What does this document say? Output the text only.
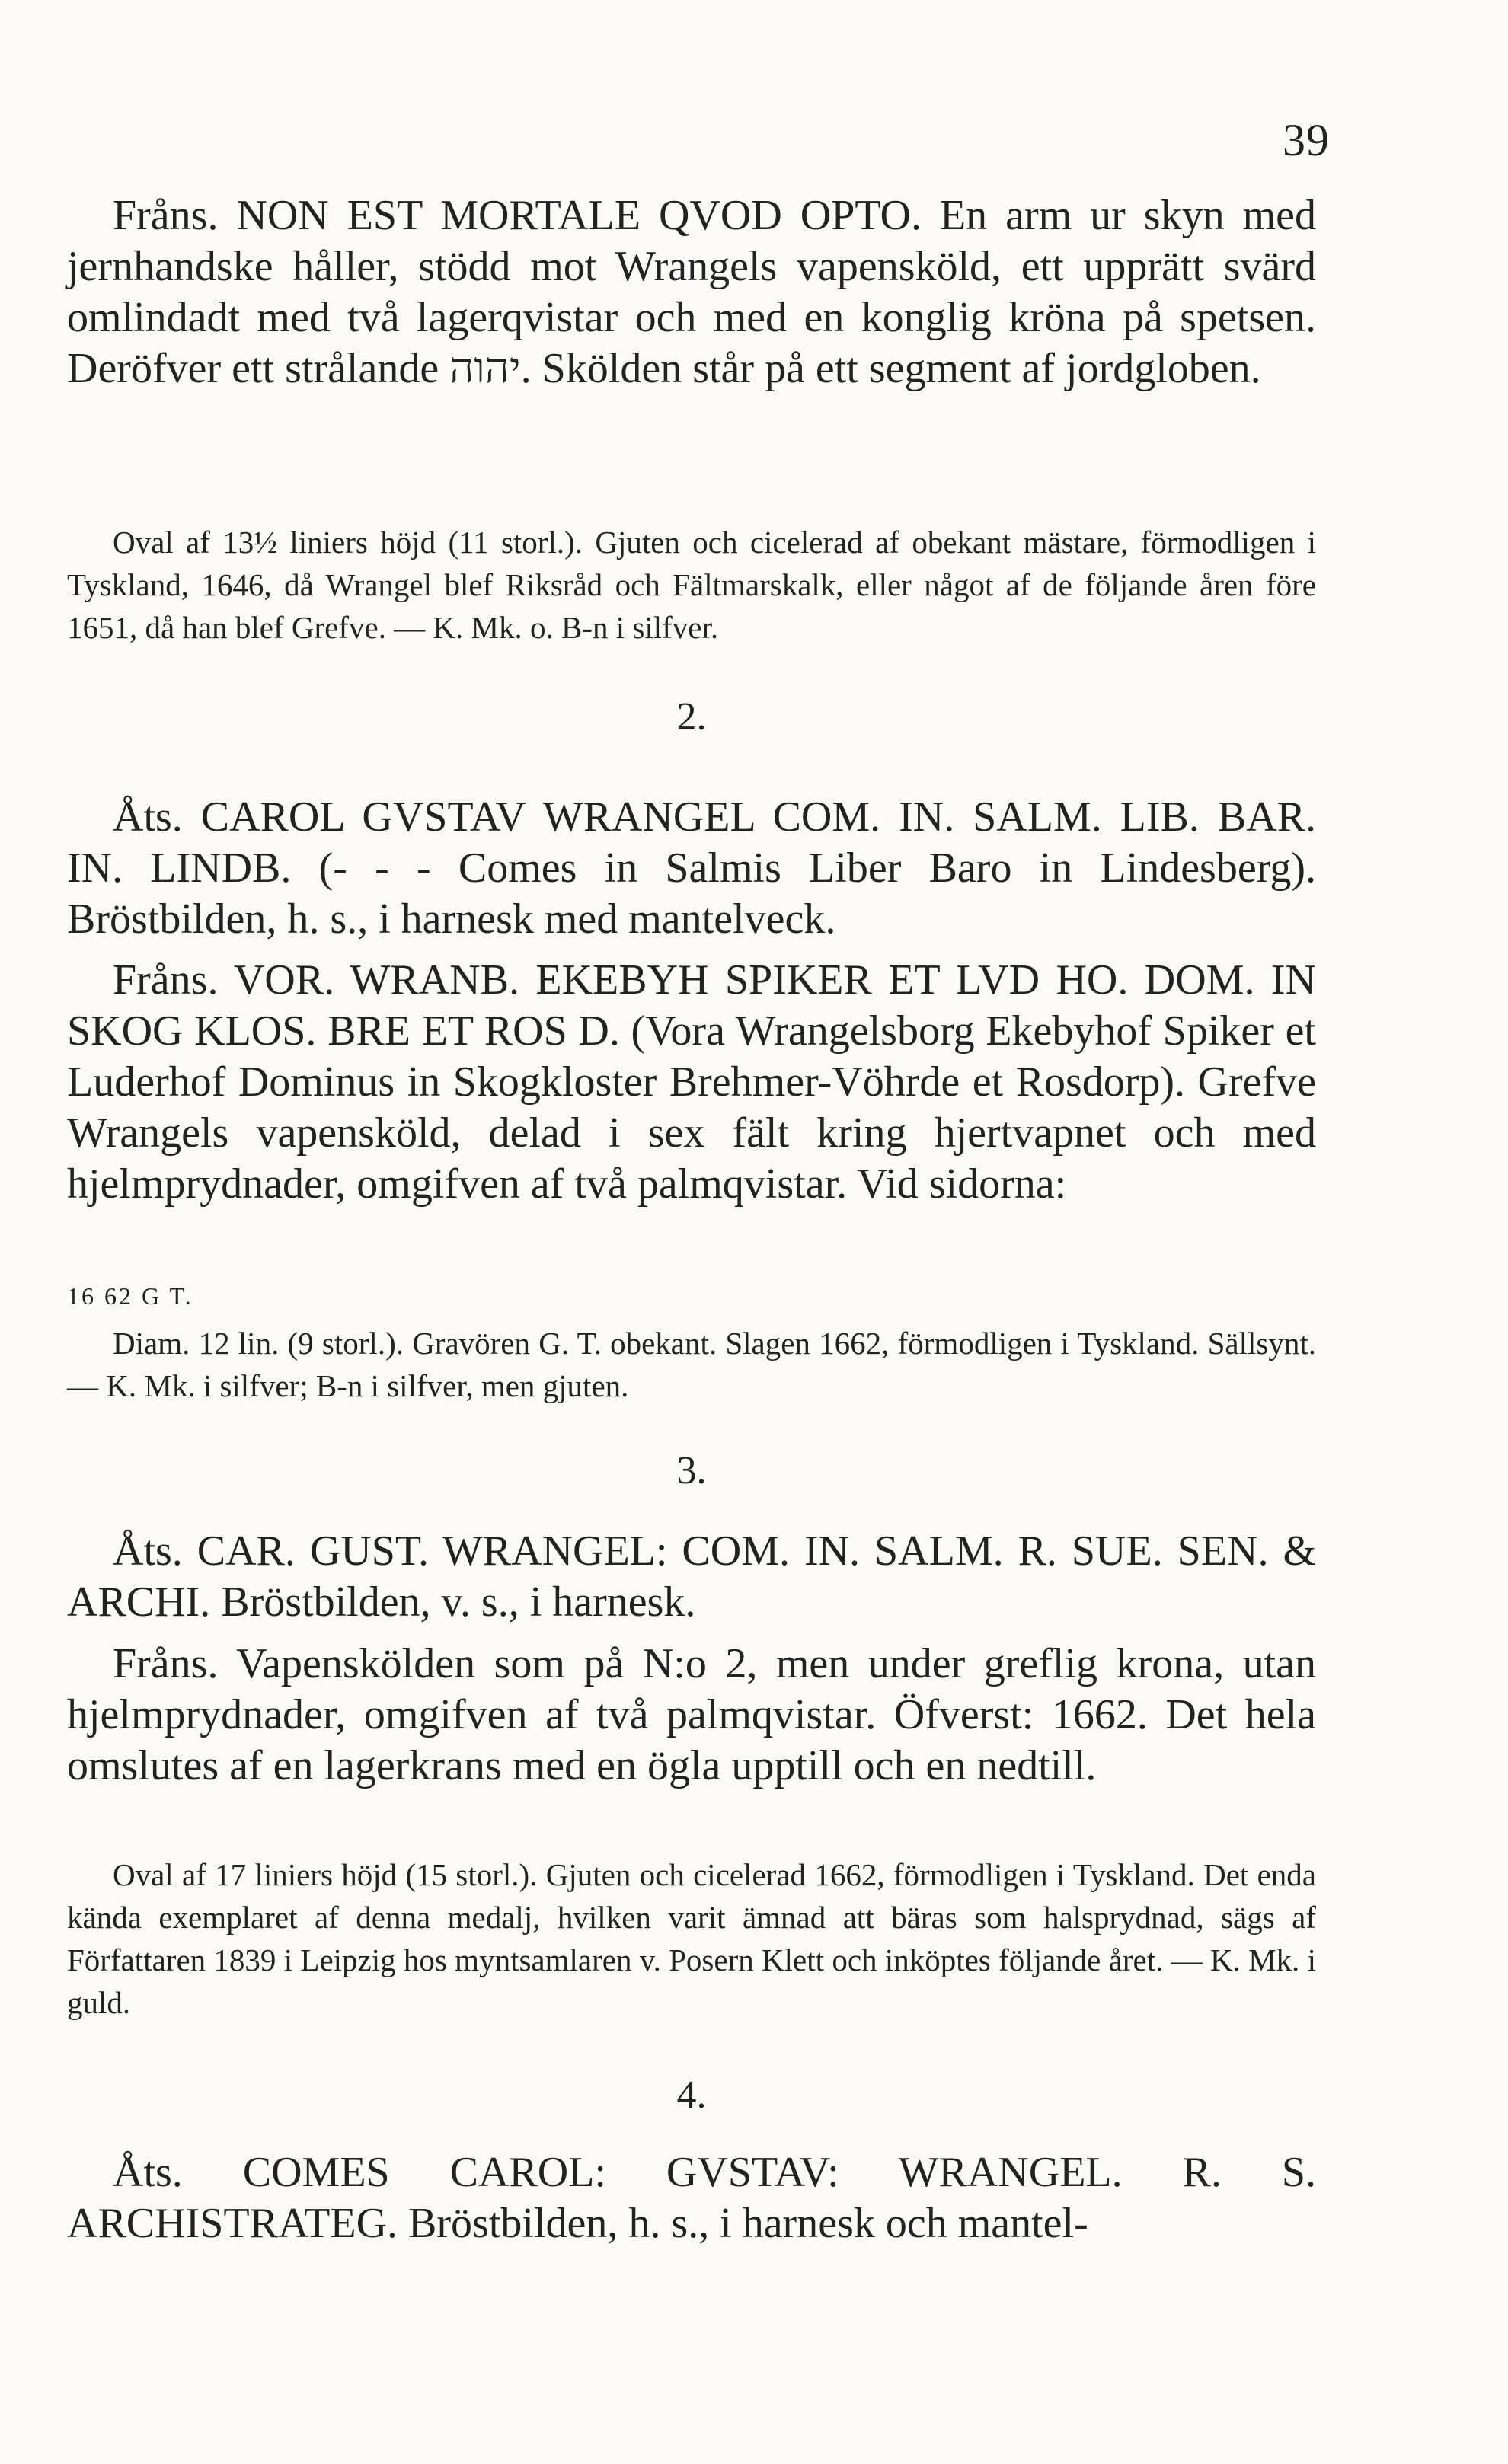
39

Fråns. NON EST MORTALE QVOD OPTO. En arm ur skyn med jernhandske håller, stödd mot Wrangels vapensköld, ett upprätt svärd omlindadt med två lagerqvistar och med en konglig kröna på spetsen. Deröfver ett strålande יהוה. Skölden står på ett segment af jordgloben.

Oval af 13½ liniers höjd (11 storl.). Gjuten och cicelerad af obekant mästare, förmodligen i Tyskland, 1646, då Wrangel blef Riksråd och Fältmarskalk, eller något af de följande åren före 1651, då han blef Grefve. — K. Mk. o. B-n i silfver.

2.

Åts. CAROL GVSTAV WRANGEL COM. IN. SALM. LIB. BAR. IN. LINDB. (- - - Comes in Salmis Liber Baro in Lindesberg). Bröstbilden, h. s., i harnesk med mantelveck.

Fråns. VOR. WRANB. EKEBYH SPIKER ET LVD HO. DOM. IN SKOG KLOS. BRE ET ROS D. (Vora Wrangelsborg Ekebyhof Spiker et Luderhof Dominus in Skogkloster Brehmer-Vöhrde et Rosdorp). Grefve Wrangels vapensköld, delad i sex fält kring hjertvapnet och med hjelmprydnader, omgifven af två palmqvistar. Vid sidorna:

16 62 G T.

Diam. 12 lin. (9 storl.). Gravören G. T. obekant. Slagen 1662, förmodligen i Tyskland. Sällsynt. — K. Mk. i silfver; B-n i silfver, men gjuten.

3.

Åts. CAR. GUST. WRANGEL: COM. IN. SALM. R. SUE. SEN. & ARCHI. Bröstbilden, v. s., i harnesk.

Fråns. Vapenskölden som på N:o 2, men under greflig krona, utan hjelmprydnader, omgifven af två palmqvistar. Öfverst: 1662. Det hela omslutes af en lagerkrans med en ögla upptill och en nedtill.

Oval af 17 liniers höjd (15 storl.). Gjuten och cicelerad 1662, förmodligen i Tyskland. Det enda kända exemplaret af denna medalj, hvilken varit ämnad att bäras som halsprydnad, sägs af Författaren 1839 i Leipzig hos myntsamlaren v. Posern Klett och inköptes följande året. — K. Mk. i guld.

4.

Åts. COMES CAROL: GVSTAV: WRANGEL. R. S. ARCHISTRATEG. Bröstbilden, h. s., i harnesk och mantel-
